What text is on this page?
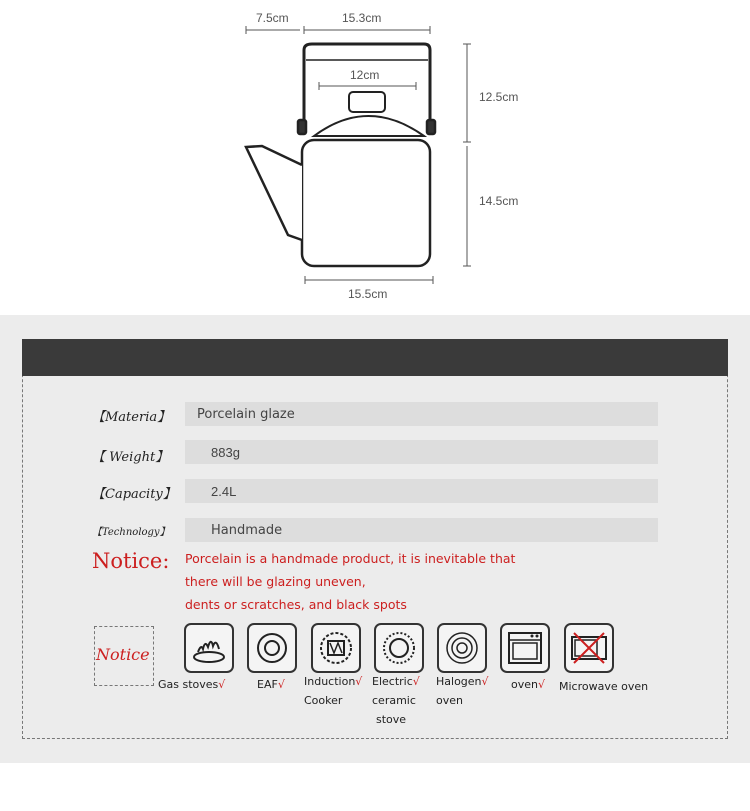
7.5cm	15.3cm
12cm
12.5cm
14.5cm
15.5cm
【Materia】	Porcelain glaze
【 Weight】	883g
【Capacity】	2.4L
【Technology】	Handmade
Notice: Porcelain is a handmade product, it is inevitable that
there will be glazing uneven,
dents or scratches, and black spots
Notice
Gas stoves√	EAF√ Induction√
Cooker
Electric√
ceramic
stove
Halogen√
oven
oven√ Microwave oven
